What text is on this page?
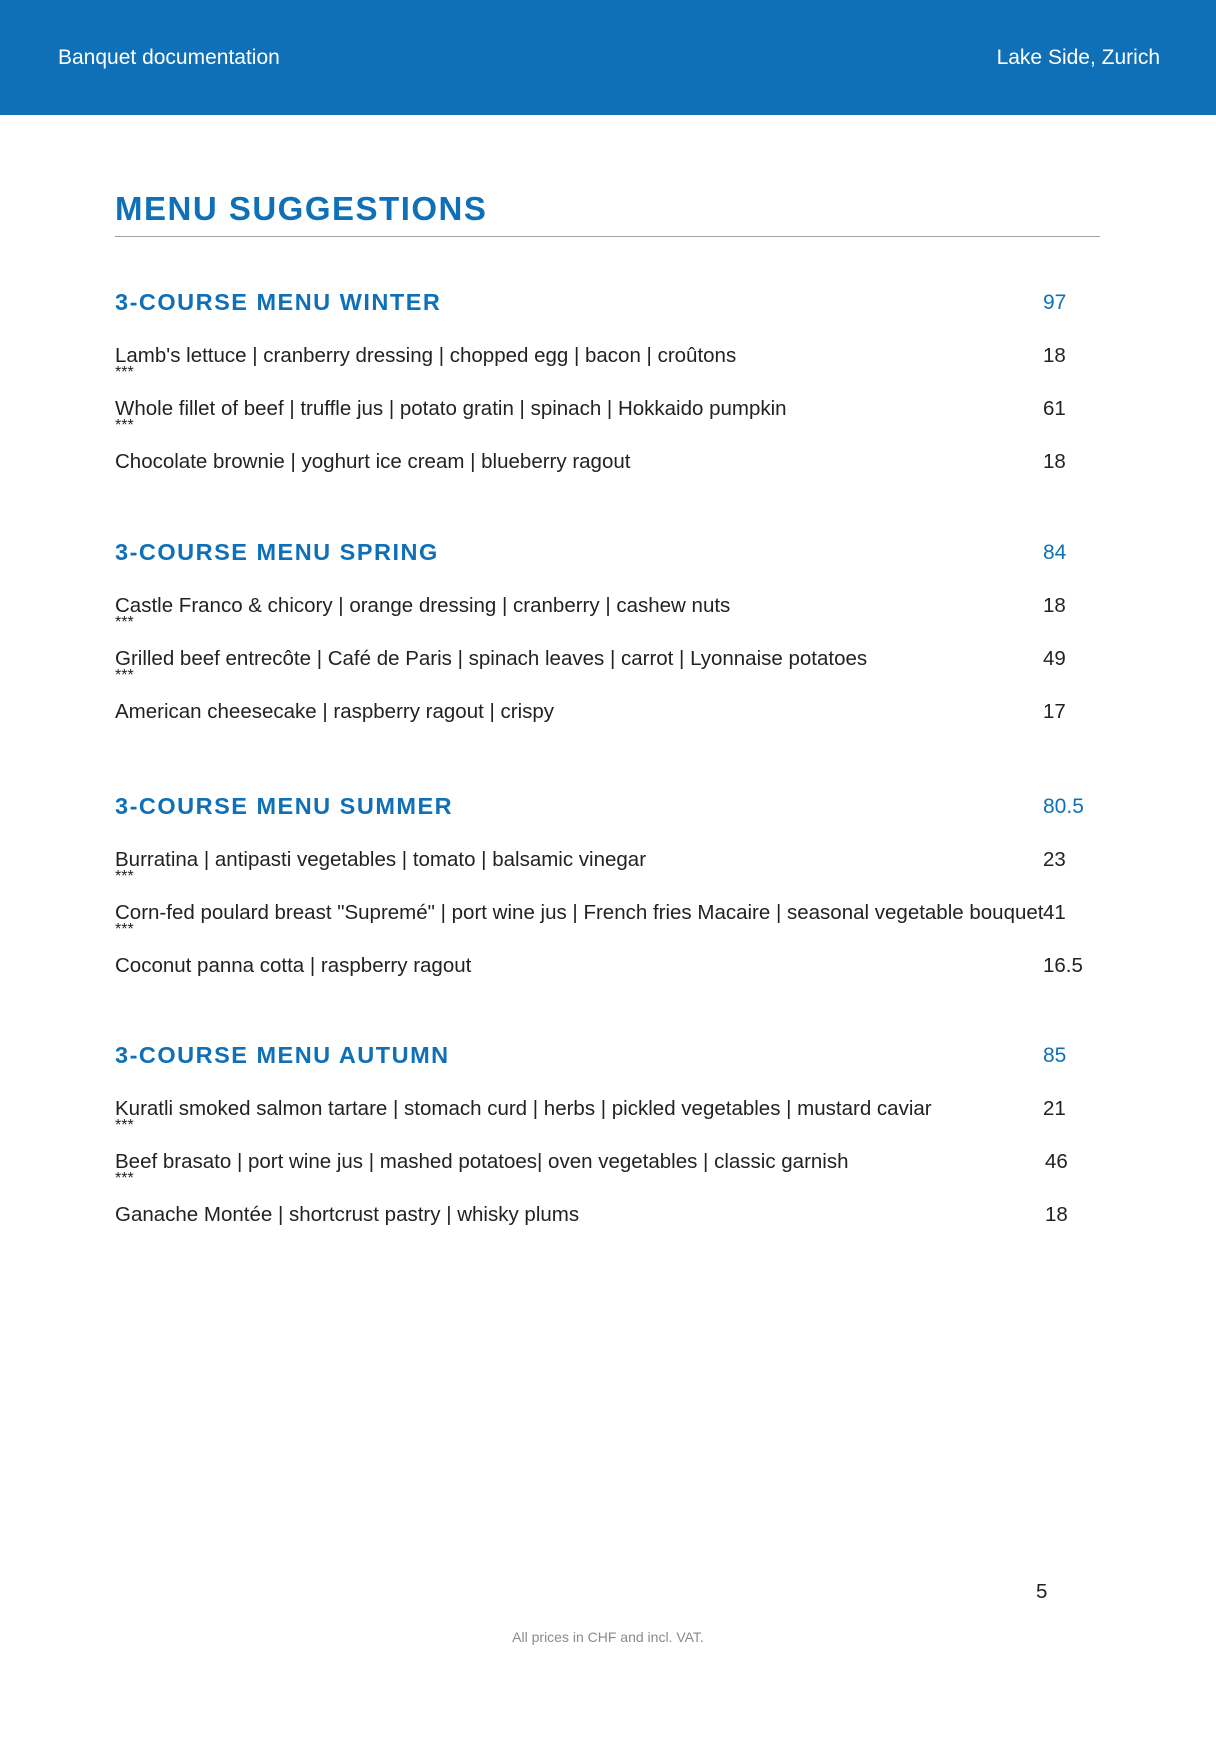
Banquet documentation	Lake Side, Zurich
MENU SUGGESTIONS
3-COURSE MENU WINTER	97
Lamb's lettuce | cranberry dressing | chopped egg | bacon | croûtons	18
***
Whole fillet of beef | truffle jus | potato gratin | spinach | Hokkaido pumpkin	61
***
Chocolate brownie | yoghurt ice cream | blueberry ragout	18
3-COURSE MENU SPRING	84
Castle Franco & chicory | orange dressing | cranberry | cashew nuts	18
***
Grilled beef entrecôte | Café de Paris | spinach leaves | carrot | Lyonnaise potatoes	49
***
American cheesecake | raspberry ragout | crispy	17
3-COURSE MENU SUMMER	80.5
Burratina | antipasti vegetables | tomato | balsamic vinegar	23
***
Corn-fed poulard breast "Supremé" | port wine jus | French fries Macaire | seasonal vegetable bouquet 41
***
Coconut panna cotta | raspberry ragout	16.5
3-COURSE MENU AUTUMN	85
Kuratli smoked salmon tartare | stomach curd | herbs | pickled vegetables | mustard caviar	21
***
Beef brasato | port wine jus | mashed potatoes| oven vegetables | classic garnish	46
***
Ganache Montée | shortcrust pastry | whisky plums	18
5
All prices in CHF and incl. VAT.
